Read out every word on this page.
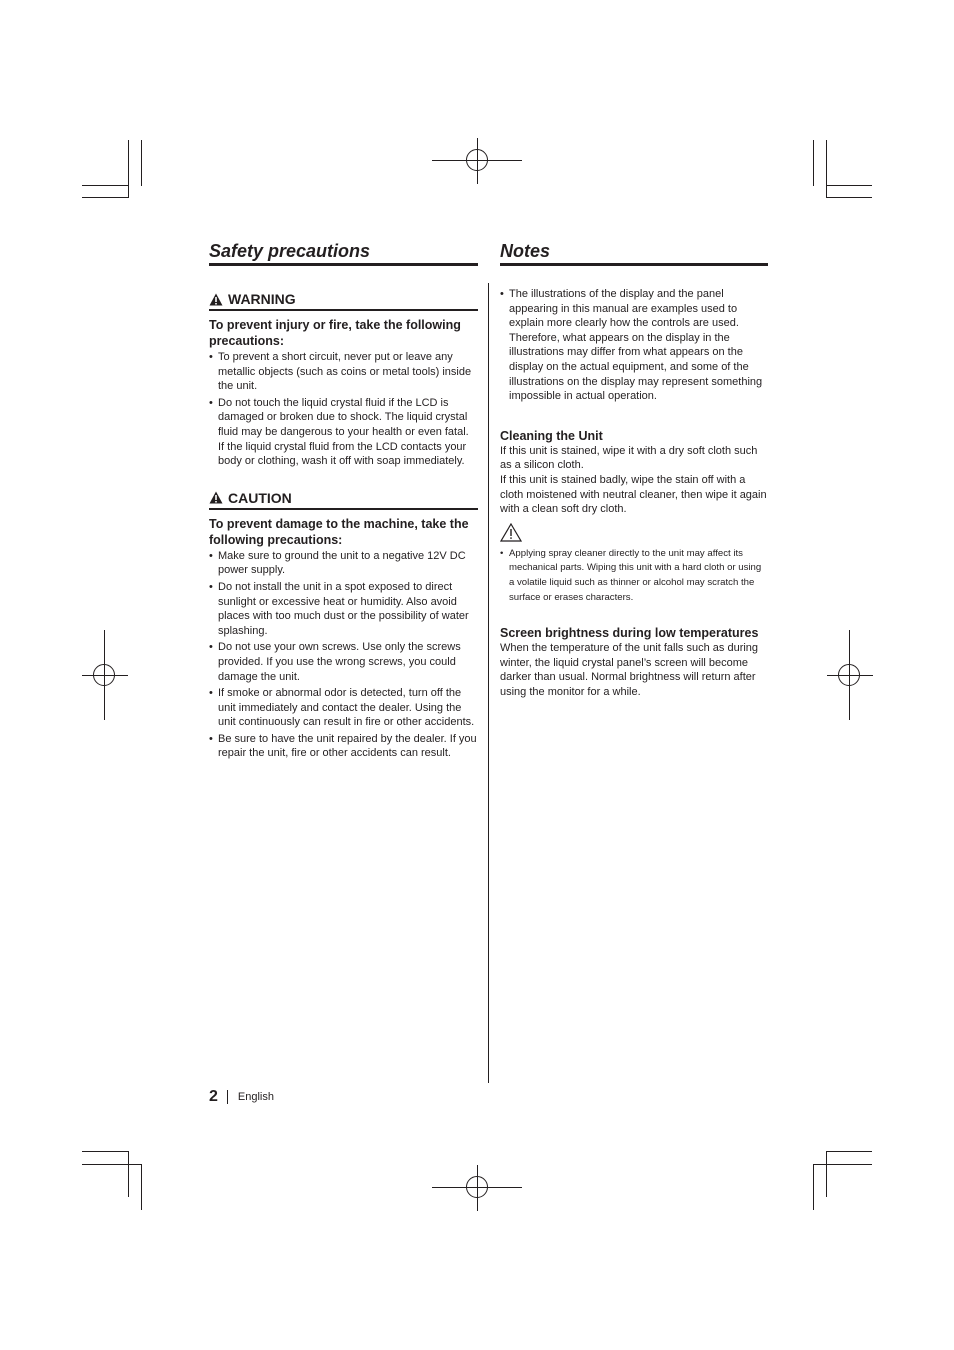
Safety precautions
WARNING

To prevent injury or fire, take the following precautions:

• To prevent a short circuit, never put or leave any metallic objects (such as coins or metal tools) inside the unit.
• Do not touch the liquid crystal fluid if the LCD is damaged or broken due to shock. The liquid crystal fluid may be dangerous to your health or even fatal.

If the liquid crystal fluid from the LCD contacts your body or clothing, wash it off with soap immediately.

CAUTION

To prevent damage to the machine, take the following precautions:

• Make sure to ground the unit to a negative 12V DC power supply.
• Do not install the unit in a spot exposed to direct sunlight or excessive heat or humidity. Also avoid places with too much dust or the possibility of water splashing.
• Do not use your own screws. Use only the screws provided. If you use the wrong screws, you could damage the unit.
• If smoke or abnormal odor is detected, turn off the unit immediately and contact the dealer. Using the unit continuously can result in fire or other accidents.
• Be sure to have the unit repaired by the dealer. If you repair the unit, fire or other accidents can result.
Notes
• The illustrations of the display and the panel appearing in this manual are examples used to explain more clearly how the controls are used. Therefore, what appears on the display in the illustrations may differ from what appears on the display on the actual equipment, and some of the illustrations on the display may represent something impossible in actual operation.

Cleaning the Unit

If this unit is stained, wipe it with a dry soft cloth such as a silicon cloth.

If this unit is stained badly, wipe the stain off with a cloth moistened with neutral cleaner, then wipe it again with a clean soft dry cloth.

• Applying spray cleaner directly to the unit may affect its mechanical parts. Wiping this unit with a hard cloth or using a volatile liquid such as thinner or alcohol may scratch the surface or erases characters.

Screen brightness during low temperatures

When the temperature of the unit falls such as during winter, the liquid crystal panel’s screen will become darker than usual. Normal brightness will return after using the monitor for a while.

2 English
